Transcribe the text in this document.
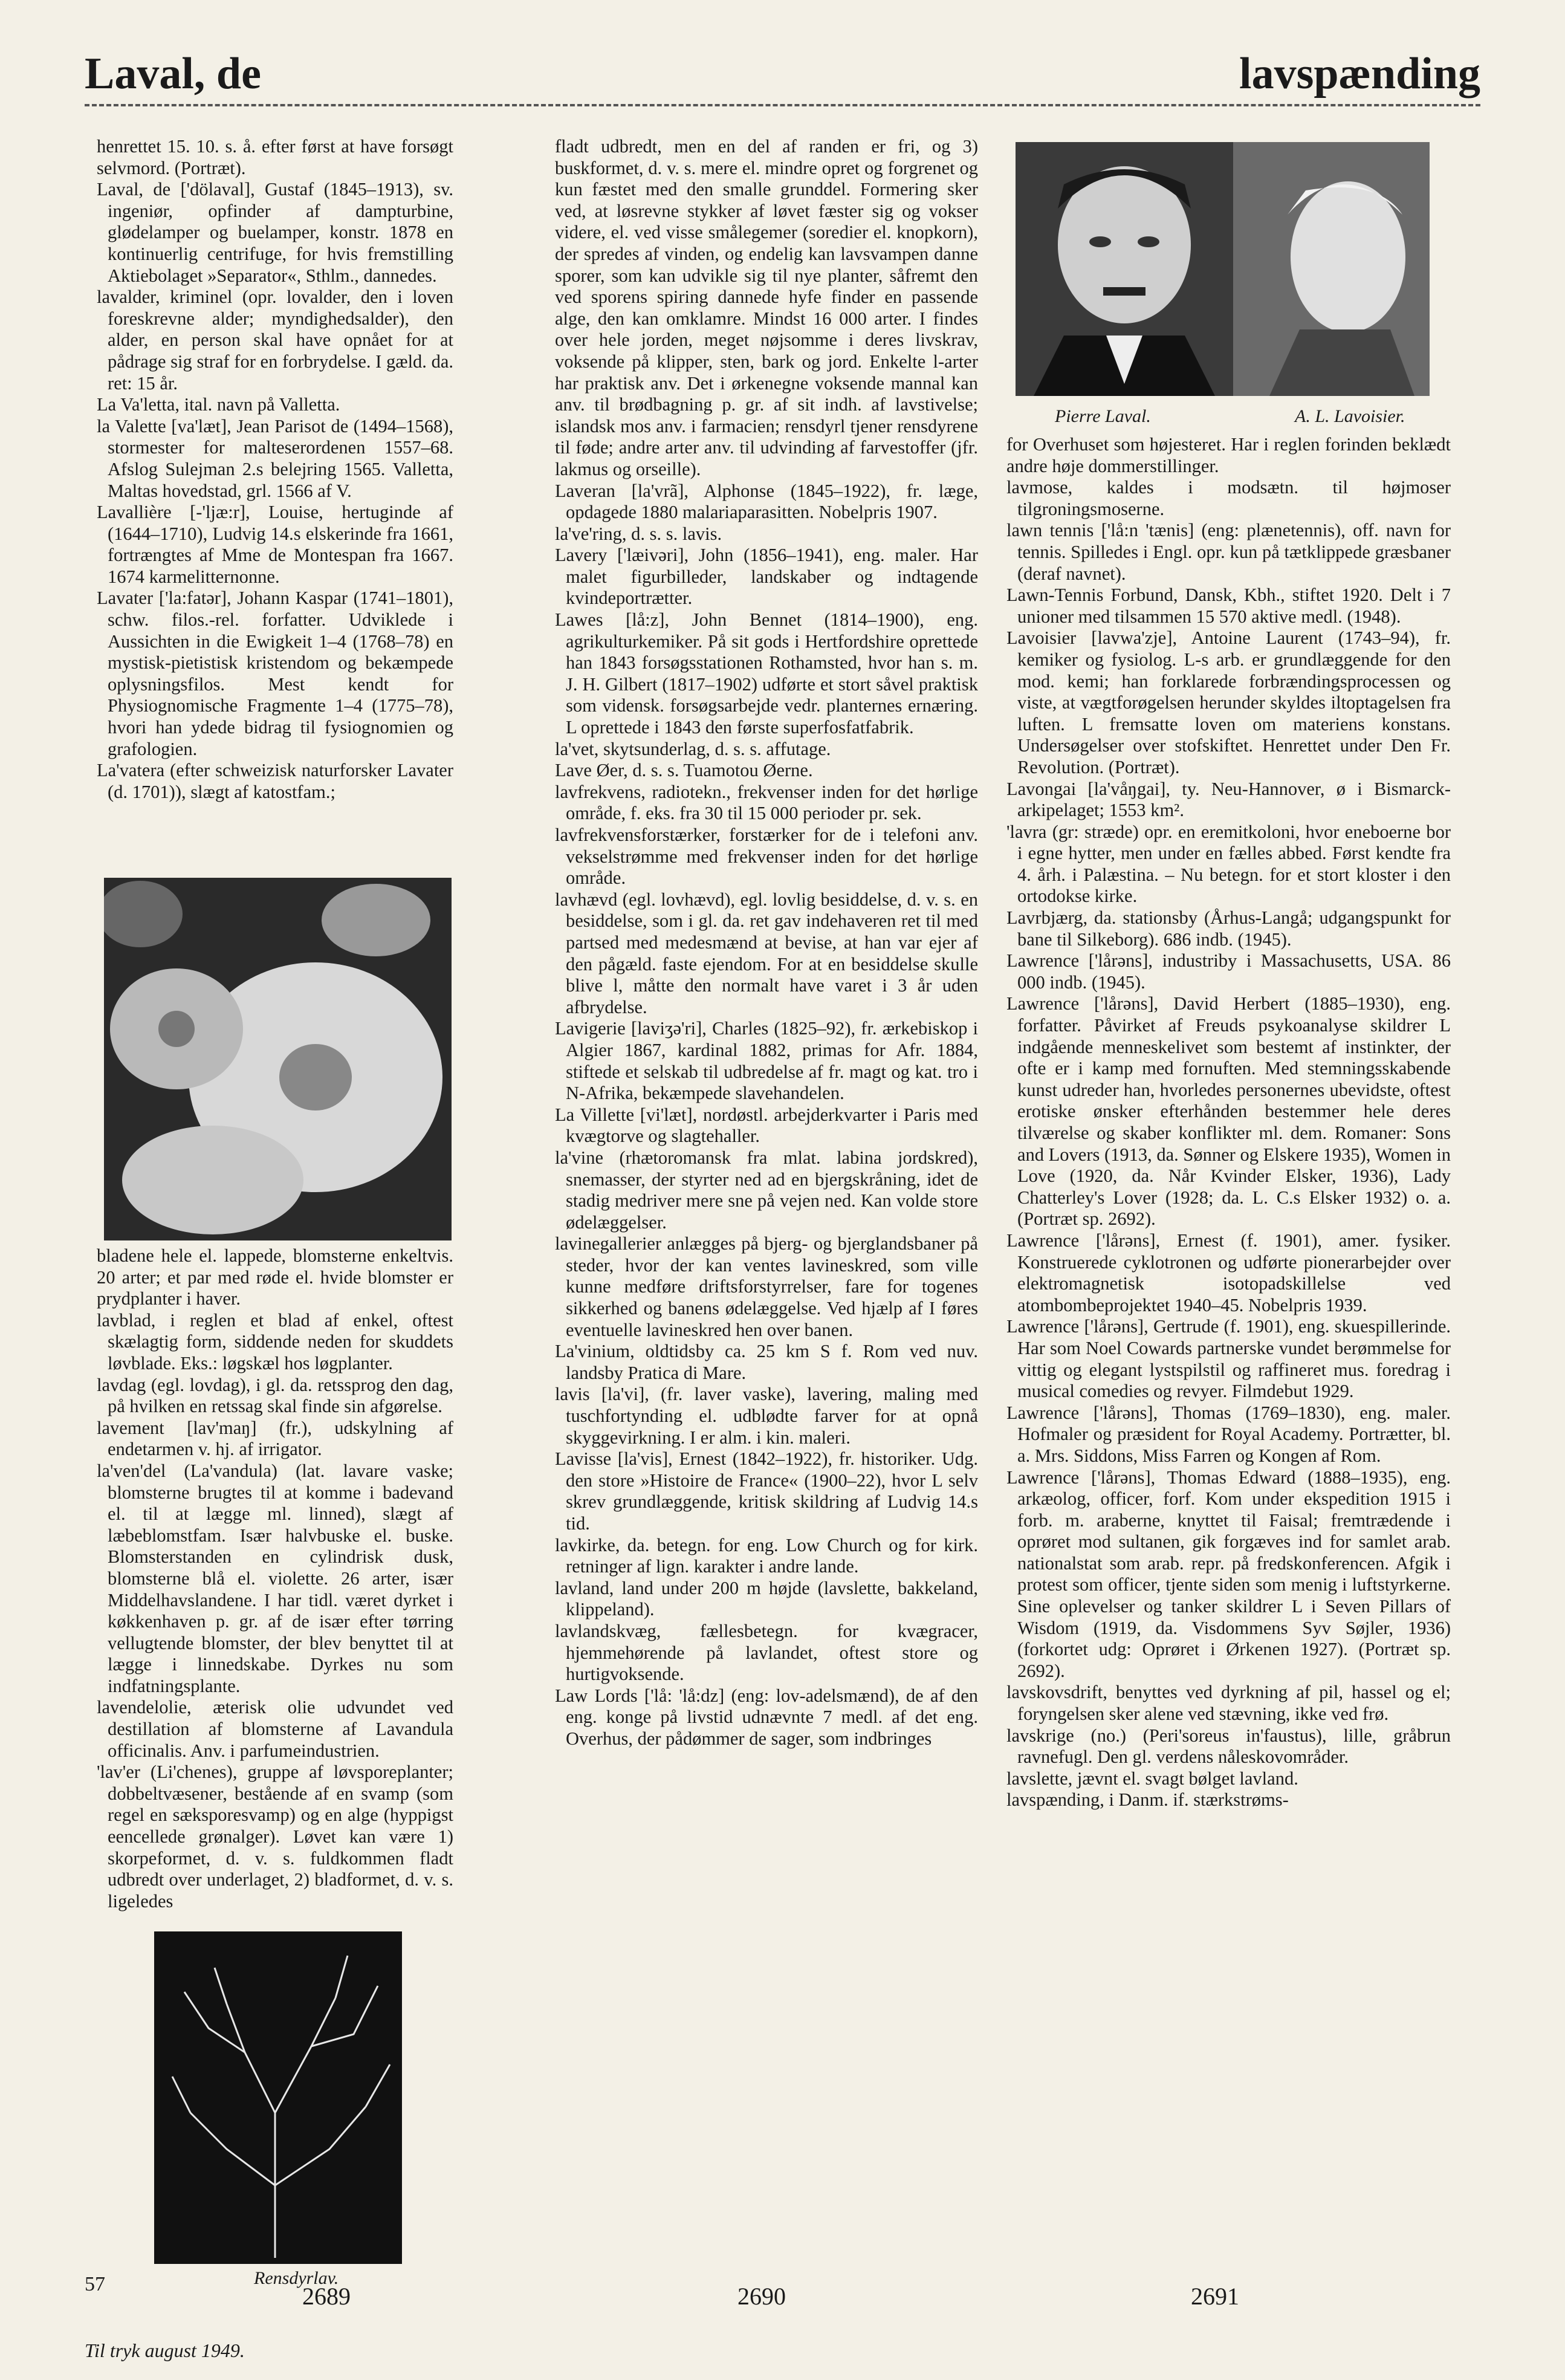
Laval, de	lavspænding

henrettet 15. 10. s. å. efter først at have forsøgt selvmord. (Portræt).

Laval, de ['dölaval], Gustaf (1845–1913), sv. ingeniør, opfinder af dampturbine, glødelamper og buelamper, konstr. 1878 en kontinuerlig centrifuge, for hvis fremstilling Aktiebolaget »Separator«, Sthlm., dannedes.

lavalder, kriminel (opr. lovalder, den i loven foreskrevne alder; myndighedsalder), den alder, en person skal have opnået for at pådrage sig straf for en forbrydelse. I gæld. da. ret: 15 år.

La Va'letta, ital. navn på Valletta.

la Valette [va'læt], Jean Parisot de (1494–1568), stormester for malteserordenen 1557–68. Afslog Sulejman 2.s belejring 1565. Valletta, Maltas hovedstad, grl. 1566 af V.

Lavallière [-'ljæ:r], Louise, hertuginde af (1644–1710), Ludvig 14.s elskerinde fra 1661, fortrængtes af Mme de Montespan fra 1667. 1674 karmelitternonne.

Lavater ['la:fatər], Johann Kaspar (1741–1801), schw. filos.-rel. forfatter. Udviklede i Aussichten in die Ewigkeit 1–4 (1768–78) en mystisk-pietistisk kristendom og bekæmpede oplysningsfilos. Mest kendt for Physiognomische Fragmente 1–4 (1775–78), hvori han ydede bidrag til fysiognomien og grafologien.

La'vatera (efter schweizisk naturforsker Lavater (d. 1701)), slægt af katostfam.;

bladene hele el. lappede, blomsterne enkeltvis. 20 arter; et par med røde el. hvide blomster er prydplanter i haver.

lavblad, i reglen et blad af enkel, oftest skælagtig form, siddende neden for skuddets løvblade. Eks.: løgskæl hos løgplanter.

lavdag (egl. lovdag), i gl. da. retssprog den dag, på hvilken en retssag skal finde sin afgørelse.

lavement [lav'maŋ] (fr.), udskylning af endetarmen v. hj. af irrigator.

la'ven'del (La'vandula) (lat. lavare vaske; blomsterne brugtes til at komme i badevand el. til at lægge ml. linned), slægt af læbeblomstfam. Især halvbuske el. buske. Blomsterstanden en cylindrisk dusk, blomsterne blå el. violette. 26 arter, især Middelhavslandene. I har tidl. været dyrket i køkkenhaven p. gr. af de især efter tørring vellugtende blomster, der blev benyttet til at lægge i linnedskabe. Dyrkes nu som indfatningsplante.

lavendelolie, æterisk olie udvundet ved destillation af blomsterne af Lavandula officinalis. Anv. i parfumeindustrien.

'lav'er (Li'chenes), gruppe af løvsporeplanter; dobbeltvæsener, bestående af en svamp (som regel en sæksporesvamp) og en alge (hyppigst eencellede grønalger). Løvet kan være 1) skorpeformet, d. v. s. fuldkommen fladt udbredt over underlaget, 2) bladformet, d. v. s. ligeledes

Rensdyrlav.

fladt udbredt, men en del af randen er fri, og 3) buskformet, d. v. s. mere el. mindre opret og forgrenet og kun fæstet med den smalle grunddel. Formering sker ved, at løsrevne stykker af løvet fæster sig og vokser videre, el. ved visse smålegemer (soredier el. knopkorn), der spredes af vinden, og endelig kan lavsvampen danne sporer, som kan udvikle sig til nye planter, såfremt den ved sporens spiring dannede hyfe finder en passende alge, den kan omklamre. Mindst 16 000 arter. I findes over hele jorden, meget nøjsomme i deres livskrav, voksende på klipper, sten, bark og jord. Enkelte l-arter har praktisk anv. Det i ørkenegne voksende mannal kan anv. til brødbagning p. gr. af sit indh. af lavstivelse; islandsk mos anv. i farmacien; rensdyrl tjener rensdyrene til føde; andre arter anv. til udvinding af farvestoffer (jfr. lakmus og orseille).

Laveran [la'vrã], Alphonse (1845–1922), fr. læge, opdagede 1880 malariaparasitten. Nobelpris 1907.

la've'ring, d. s. s. lavis.

Lavery ['læivəri], John (1856–1941), eng. maler. Har malet figurbilleder, landskaber og indtagende kvindeportrætter.

Lawes [lå:z], John Bennet (1814–1900), eng. agrikulturkemiker. På sit gods i Hertfordshire oprettede han 1843 forsøgsstationen Rothamsted, hvor han s. m. J. H. Gilbert (1817–1902) udførte et stort såvel praktisk som vidensk. forsøgsarbejde vedr. planternes ernæring. L oprettede i 1843 den første superfosfatfabrik.

la'vet, skytsunderlag, d. s. s. affutage.

Lave Øer, d. s. s. Tuamotou Øerne.

lavfrekvens, radiotekn., frekvenser inden for det hørlige område, f. eks. fra 30 til 15 000 perioder pr. sek.

lavfrekvensforstærker, forstærker for de i telefoni anv. vekselstrømme med frekvenser inden for det hørlige område.

lavhævd (egl. lovhævd), egl. lovlig besiddelse, d. v. s. en besiddelse, som i gl. da. ret gav indehaveren ret til med partsed med medesmænd at bevise, at han var ejer af den pågæld. faste ejendom. For at en besiddelse skulle blive l, måtte den normalt have varet i 3 år uden afbrydelse.

Lavigerie [laviʒə'ri], Charles (1825–92), fr. ærkebiskop i Algier 1867, kardinal 1882, primas for Afr. 1884, stiftede et selskab til udbredelse af fr. magt og kat. tro i N-Afrika, bekæmpede slavehandelen.

La Villette [vi'læt], nordøstl. arbejderkvarter i Paris med kvægtorve og slagtehaller.

la'vine (rhætoromansk fra mlat. labina jordskred), snemasser, der styrter ned ad en bjergskråning, idet de stadig medriver mere sne på vejen ned. Kan volde store ødelæggelser.

lavinegallerier anlægges på bjerg- og bjerglandsbaner på steder, hvor der kan ventes lavineskred, som ville kunne medføre driftsforstyrrelser, fare for togenes sikkerhed og banens ødelæggelse. Ved hjælp af I føres eventuelle lavineskred hen over banen.

La'vinium, oldtidsby ca. 25 km S f. Rom ved nuv. landsby Pratica di Mare.

lavis [la'vi], (fr. laver vaske), lavering, maling med tuschfortynding el. udblødte farver for at opnå skyggevirkning. I er alm. i kin. maleri.

Lavisse [la'vis], Ernest (1842–1922), fr. historiker. Udg. den store »Histoire de France« (1900–22), hvor L selv skrev grundlæggende, kritisk skildring af Ludvig 14.s tid.

lavkirke, da. betegn. for eng. Low Church og for kirk. retninger af lign. karakter i andre lande.

lavland, land under 200 m højde (lavslette, bakkeland, klippeland).

lavlandskvæg, fællesbetegn. for kvægracer, hjemmehørende på lavlandet, oftest store og hurtigvoksende.

Law Lords ['lå: 'lå:dz] (eng: lov-adelsmænd), de af den eng. konge på livstid udnævnte 7 medl. af det eng. Overhus, der pådømmer de sager, som indbringes

Pierre Laval.	A. L. Lavoisier.

for Overhuset som højesteret. Har i reglen forinden beklædt andre høje dommerstillinger.

lavmose, kaldes i modsætn. til højmoser tilgroningsmoserne.

lawn tennis ['lå:n 'tænis] (eng: plænetennis), off. navn for tennis. Spilledes i Engl. opr. kun på tætklippede græsbaner (deraf navnet).

Lawn-Tennis Forbund, Dansk, Kbh., stiftet 1920. Delt i 7 unioner med tilsammen 15 570 aktive medl. (1948).

Lavoisier [lavwa'zje], Antoine Laurent (1743–94), fr. kemiker og fysiolog. L-s arb. er grundlæggende for den mod. kemi; han forklarede forbrændingsprocessen og viste, at vægtforøgelsen herunder skyldes iltoptagelsen fra luften. L fremsatte loven om materiens konstans. Undersøgelser over stofskiftet. Henrettet under Den Fr. Revolution. (Portræt).

Lavongai [la'våŋgai], ty. Neu-Hannover, ø i Bismarck-arkipelaget; 1553 km².

'lavra (gr: stræde) opr. en eremitkoloni, hvor eneboerne bor i egne hytter, men under en fælles abbed. Først kendte fra 4. årh. i Palæstina. – Nu betegn. for et stort kloster i den ortodokse kirke.

Lavrbjærg, da. stationsby (Århus-Langå; udgangspunkt for bane til Silkeborg). 686 indb. (1945).

Lawrence ['lårəns], industriby i Massachusetts, USA. 86 000 indb. (1945).

Lawrence ['lårəns], David Herbert (1885–1930), eng. forfatter. Påvirket af Freuds psykoanalyse skildrer L indgående menneskelivet som bestemt af instinkter, der ofte er i kamp med fornuften. Med stemningsskabende kunst udreder han, hvorledes personernes ubevidste, oftest erotiske ønsker efterhånden bestemmer hele deres tilværelse og skaber konflikter ml. dem. Romaner: Sons and Lovers (1913, da. Sønner og Elskere 1935), Women in Love (1920, da. Når Kvinder Elsker, 1936), Lady Chatterley's Lover (1928; da. L. C.s Elsker 1932) o. a. (Portræt sp. 2692).

Lawrence ['lårəns], Ernest (f. 1901), amer. fysiker. Konstruerede cyklotronen og udførte pionerarbejder over elektromagnetisk isotopadskillelse ved atombombeprojektet 1940–45. Nobelpris 1939.

Lawrence ['lårəns], Gertrude (f. 1901), eng. skuespillerinde. Har som Noel Cowards partnerske vundet berømmelse for vittig og elegant lystspilstil og raffineret mus. foredrag i musical comedies og revyer. Filmdebut 1929.

Lawrence ['lårəns], Thomas (1769–1830), eng. maler. Hofmaler og præsident for Royal Academy. Portrætter, bl. a. Mrs. Siddons, Miss Farren og Kongen af Rom.

Lawrence ['lårəns], Thomas Edward (1888–1935), eng. arkæolog, officer, forf. Kom under ekspedition 1915 i forb. m. araberne, knyttet til Faisal; fremtrædende i oprøret mod sultanen, gik forgæves ind for samlet arab. nationalstat som arab. repr. på fredskonferencen. Afgik i protest som officer, tjente siden som menig i luftstyrkerne. Sine oplevelser og tanker skildrer L i Seven Pillars of Wisdom (1919, da. Visdommens Syv Søjler, 1936) (forkortet udg: Oprøret i Ørkenen 1927). (Portræt sp. 2692).

lavskovsdrift, benyttes ved dyrkning af pil, hassel og el; foryngelsen sker alene ved stævning, ikke ved frø.

lavskrige (no.) (Peri'soreus in'faustus), lille, gråbrun ravnefugl. Den gl. verdens nåleskovområder.

lavslette, jævnt el. svagt bølget lavland.

lavspænding, i Danm. if. stærkstrøms-

57	2689	2690	2691
Til tryk august 1949.
